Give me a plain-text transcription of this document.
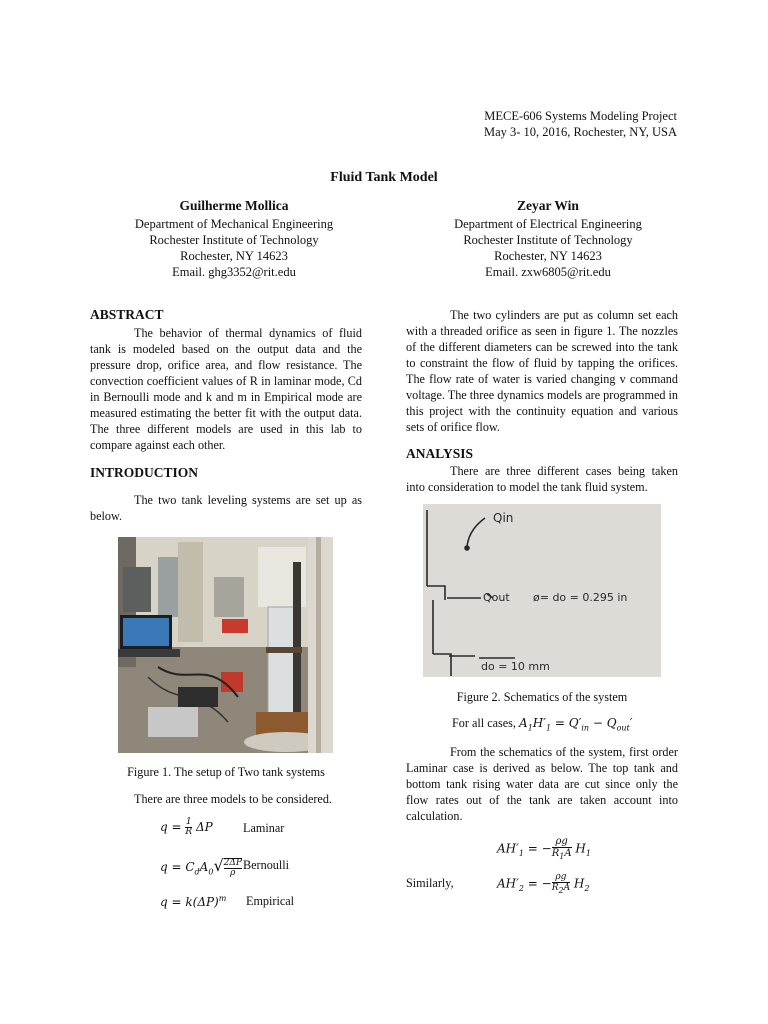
MECE-606 Systems Modeling Project
May 3- 10, 2016, Rochester, NY, USA
Fluid Tank Model
Guilherme Mollica
Department of Mechanical Engineering
Rochester Institute of Technology
Rochester, NY 14623
Email. ghg3352@rit.edu
Zeyar Win
Department of Electrical Engineering
Rochester Institute of Technology
Rochester, NY 14623
Email. zxw6805@rit.edu
ABSTRACT
The behavior of thermal dynamics of fluid tank is modeled based on the output data and the pressure drop, orifice area, and flow resistance. The convection coefficient values of R in laminar mode, Cd in Bernoulli mode and k and m in Empirical mode are measured estimating the better fit with the output data. The three different models are used in this lab to compare against each other.
INTRODUCTION
The two tank leveling systems are set up as below.
Figure 1. The setup of Two tank systems
There are three models to be considered.
$q = \frac{1}{R}$ ΔP Laminar
$q = C_dA_0√ \frac{2\Delta P}{\rho}$ Bernoulli
$q = k(\Delta P)^m$ Empirical
The two cylinders are put as column set each with a threaded orifice as seen in figure 1. The nozzles of the different diameters can be screwed into the tank to constraint the flow of fluid by tapping the orifices. The flow rate of water is varied changing v command voltage. The three dynamics models are programmed in this project with the continuity equation and various sets of orifice flow.
ANALYSIS
There are three different cases being taken into consideration to model the tank fluid system.
Qin
Qout ø= do = 0.295 in
do = 10 mm
Figure 2. Schematics of the system
For all cases, $A_1H'_1 = Q'_{in} - Q_{out}'$
From the schematics of the system, first order Laminar case is derived as below. The top tank and bottom tank rising water data are cut since only the flow rates out of the tank are taken account into calculation.
$AH'_1$ = − $\frac{\rho g}{R_1A} H_1$
Similarly,	$AH'_2$ = − $\frac{\rho g}{R_2A} H_2$
